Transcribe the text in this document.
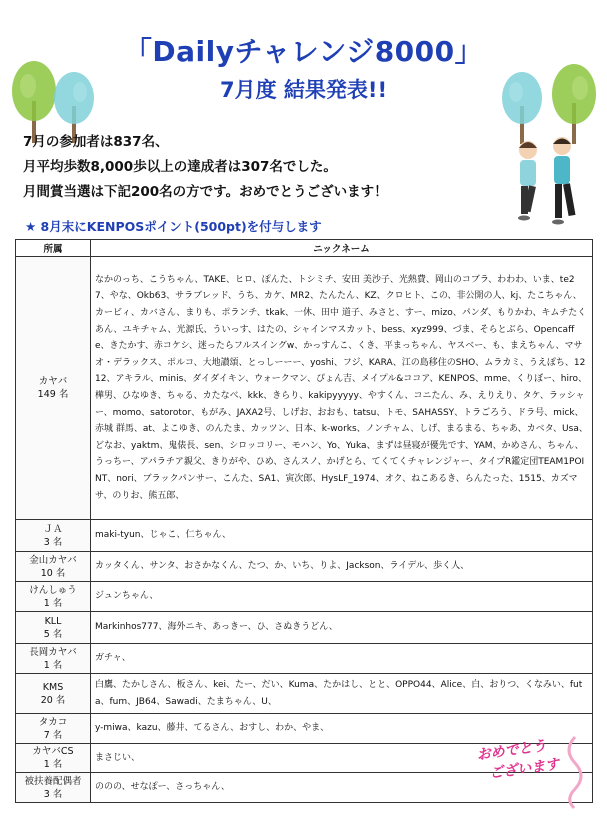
「Dailyチャレンジ8000」
7月度 結果発表!!
7月の参加者は837名、
月平均歩数8,000歩以上の達成者は307名でした。
月間賞当選は下記200名の方です。おめでとうございます！
★ 8月末にKENPOSポイント(500pt)を付与します
所属	ニックネーム

カヤバ
149 名	なかのっち、こうちゃん、TAKE、ヒロ、ぽんた、トシミチ、安田 美沙子、光熱費、岡山のコブラ、わわわ、いま、te27、やな、Okb63、サラブレッド、うち、カケ、MR2、たんたん、KZ、クロヒト、この、非公開の人、kj、たこちゃん、カービィ、カバさん、まりも、ポランチ、tkak、一休、田中 道子、みさと、すー、mizo、パンダ、もりかわ、キムチたくあん、ユキチャム、光源氏、ういっす、はたの、シャインマスカット、bess、xyz999、づま、そらとぶら、Opencaffe、きたかす、赤コケシ、迷ったらフルスイングw、かっすんこ、くき、平まっちゃん、ヤスベー、も、まえちゃん、マサオ・デラックス、ポルコ、大地讃頌、とっしーーー、yoshi、フジ、KARA、江の島移住のSHO、ムラカミ、うえぽち、1212、アキラル、minis、ダイダイキン、ウォークマン、ぴょん吉、メイプル&ココア、KENPOS、mme、くりぼー、hiro、樺男、ひなゆき、ちゃる、カたなべ、kkk、きらり、kakipyyyyy、やすくん、コニたん、み、えりえり、タケ、ラッシャー、momo、satorotor、もがみ、JAXA2号、しげお、おおも、tatsu、トモ、SAHASSY、トラごろう、ドラ号、mick、赤城 群馬、at、よこゆき、のんたま、カッツン、日本、k-works、ノンチャム、しげ、まるまる、ちゃあ、カベタ、Usa、どなお、yaktm、鬼俵長、sen、シロッコリー、モハン、Yo、Yuka、まずは昼寝が優先です、YAM、かめさん、ちゃん、うっちー、アパラチア親父、きりがや、ひめ、さんスノ、かげとら、てくてくチャレンジャー、タイプR鑑定団TEAM1POINT、nori、ブラックパンサー、こんた、SA1、寅次郎、HysLF_1974、オク、ねこあるき、らんたった、1515、カズマサ、のりお、熊五郎、

ＪＡ
3 名	maki-tyun、じゃこ、仁ちゃん、

金山カヤバ
10 名	カッタくん、サンタ、おさかなくん、たつ、か、いち、りよ、Jackson、ライデル、歩く人、

けんしゅう
1 名	ジュンちゃん、

KLL
5 名	Markinhos777、海外ニキ、あっきー、ひ、さぬきうどん、

長岡カヤバ
1 名	ガチャ、

KMS
20 名	白鷹、たかしさん、板さん、kei、たー、だい、Kuma、たかはし、とと、OPPO44、Alice、白、おりつ、くなみい、futa、fum、JB64、Sawadi、たまちゃん、U、

タカコ
7 名	y-miwa、kazu、藤井、てるさん、おすし、わか、やま、

カヤバCS
1 名	まさじい、

被扶養配偶者
3 名	ののの、せなぽー、さっちゃん、
おめでとう
ございます
